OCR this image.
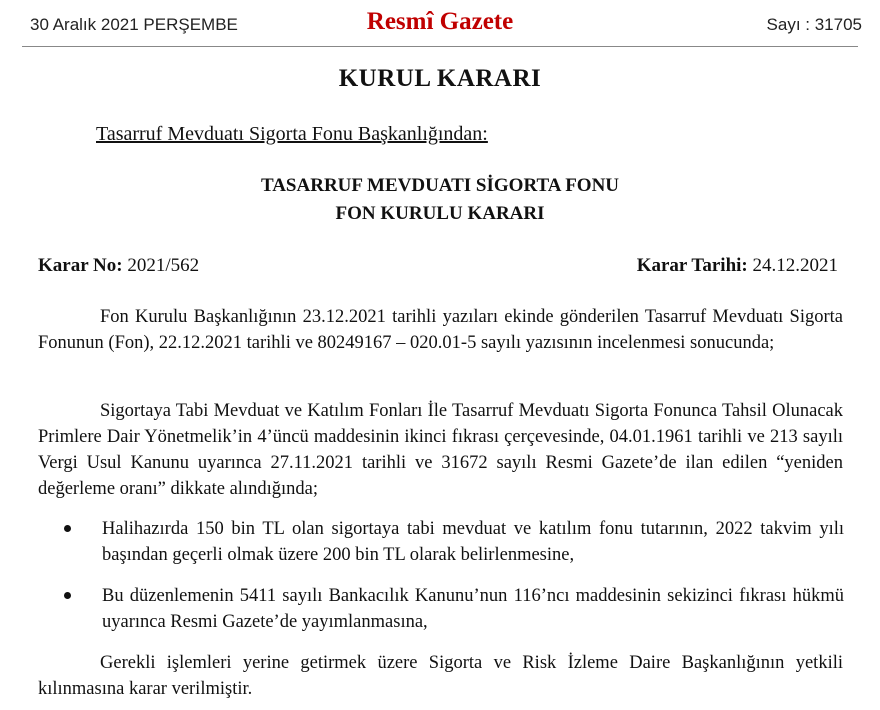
30 Aralık 2021 PERŞEMBE	Resmî Gazete	Sayı : 31705
KURUL KARARI
Tasarruf Mevduatı Sigorta Fonu Başkanlığından:
TASARRUF MEVDUATI SİGORTA FONU
FON KURULU KARARI
Karar No: 2021/562	Karar Tarihi: 24.12.2021
Fon Kurulu Başkanlığının 23.12.2021 tarihli yazıları ekinde gönderilen Tasarruf Mevduatı Sigorta Fonunun (Fon), 22.12.2021 tarihli ve 80249167 – 020.01-5 sayılı yazısının incelenmesi sonucunda;
Sigortaya Tabi Mevduat ve Katılım Fonları İle Tasarruf Mevduatı Sigorta Fonunca Tahsil Olunacak Primlere Dair Yönetmelik’in 4’üncü maddesinin ikinci fıkrası çerçevesinde, 04.01.1961 tarihli ve 213 sayılı Vergi Usul Kanunu uyarınca 27.11.2021 tarihli ve 31672 sayılı Resmi Gazete’de ilan edilen “yeniden değerleme oranı” dikkate alındığında;
Halihazırda 150 bin TL olan sigortaya tabi mevduat ve katılım fonu tutarının, 2022 takvim yılı başından geçerli olmak üzere 200 bin TL olarak belirlenmesine,
Bu düzenlemenin 5411 sayılı Bankacılık Kanunu’nun 116’ncı maddesinin sekizinci fıkrası hükmü uyarınca Resmi Gazete’de yayımlanmasına,
Gerekli işlemleri yerine getirmek üzere Sigorta ve Risk İzleme Daire Başkanlığının yetkili kılınmasına karar verilmiştir.
